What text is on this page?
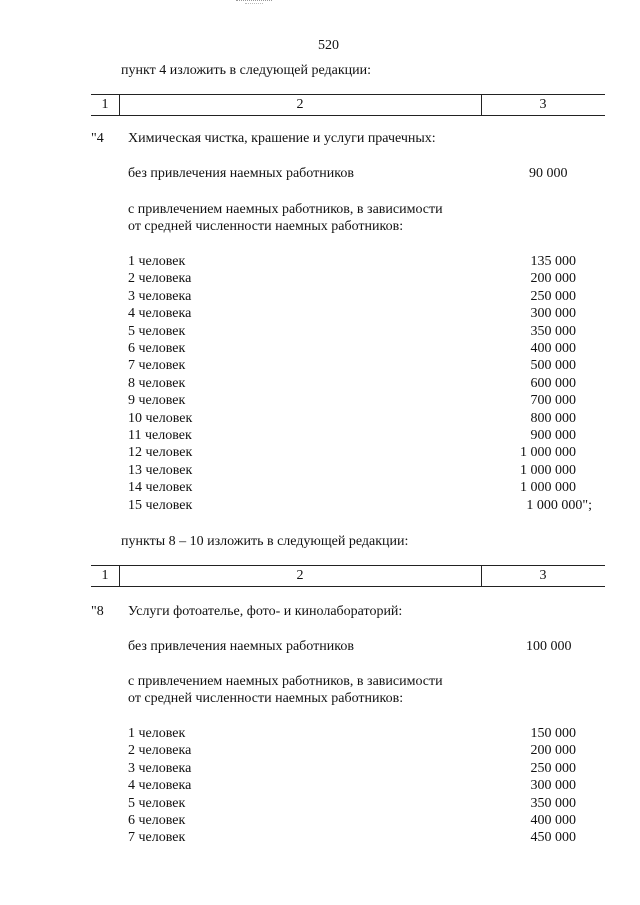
520
пункт 4 изложить в следующей редакции:
1	2	3
"4 Химическая чистка, крашение и услуги прачечных:
без привлечения наемных работников	90 000
с привлечением наемных работников, в зависимости
от средней численности наемных работников:
1 человек	135 000
2 человека	200 000
3 человека	250 000
4 человека	300 000
5 человек	350 000
6 человек	400 000
7 человек	500 000
8 человек	600 000
9 человек	700 000
10 человек	800 000
11 человек	900 000
12 человек	1 000 000
13 человек	1 000 000
14 человек	1 000 000
15 человек	1 000 000";
пункты 8 – 10 изложить в следующей редакции:
1	2	3
"8 Услуги фотоателье, фото- и кинолабораторий:
без привлечения наемных работников	100 000
с привлечением наемных работников, в зависимости
от средней численности наемных работников:
1 человек	150 000
2 человека	200 000
3 человека	250 000
4 человека	300 000
5 человек	350 000
6 человек	400 000
7 человек	450 000
